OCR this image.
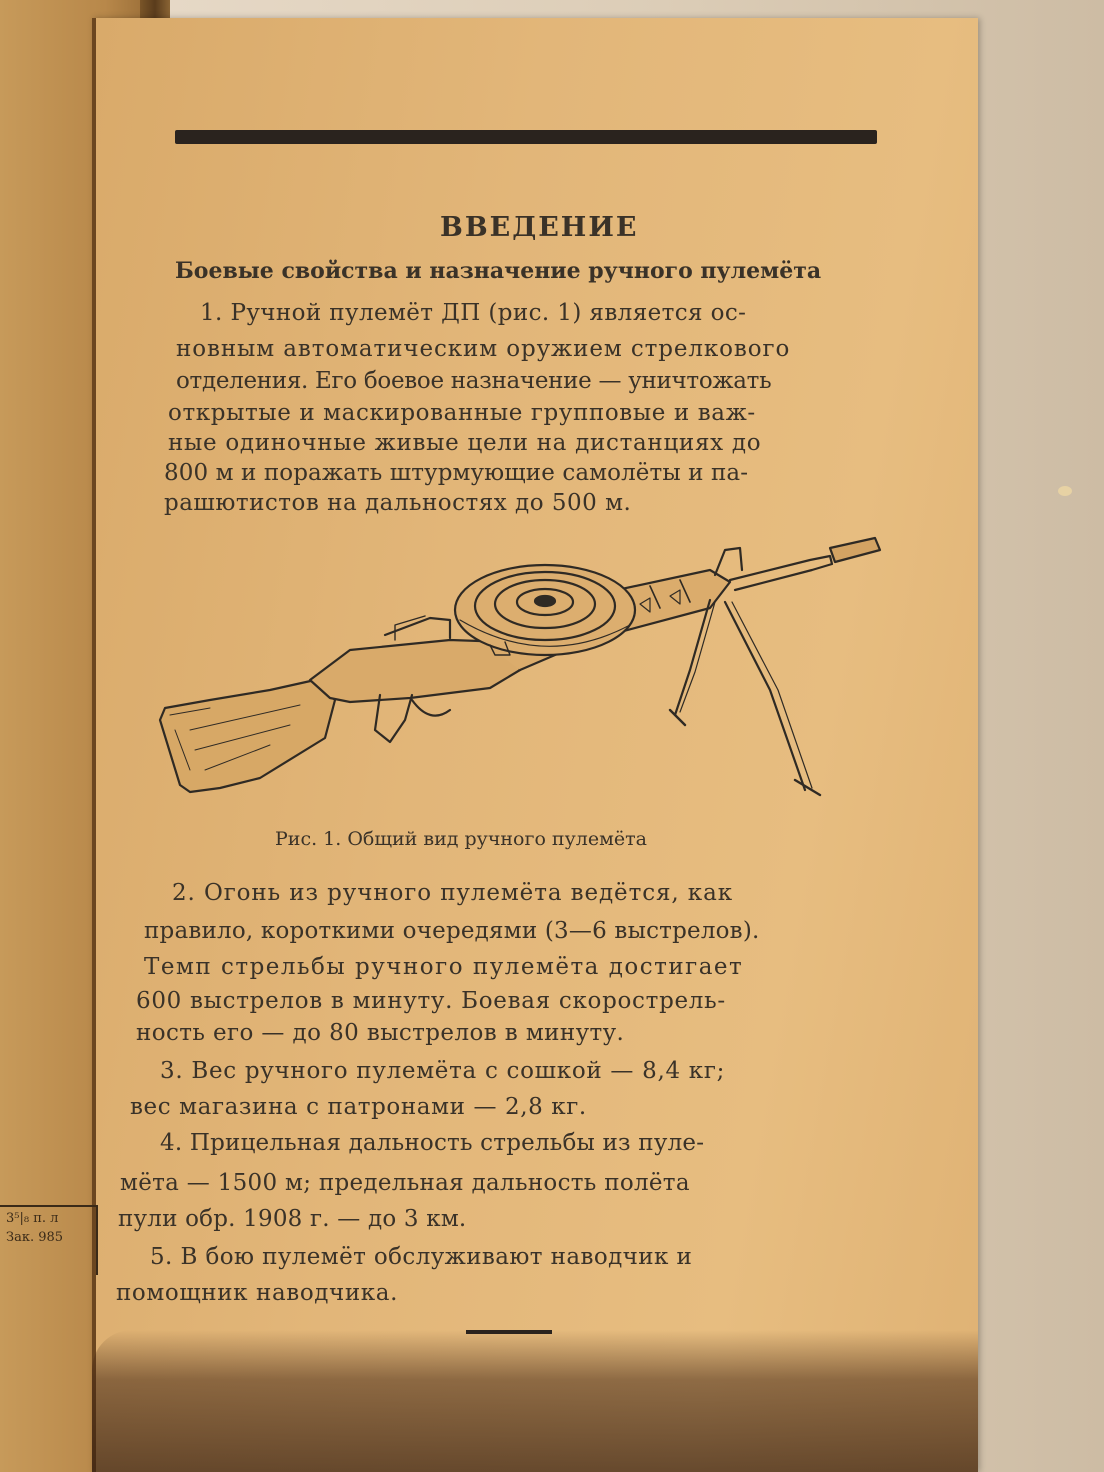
ВВЕДЕНИЕ
Боевые свойства и назначение ручного пулемёта
1. Ручной пулемёт ДП (рис. 1) является ос-
новным автоматическим оружием стрелкового
отделения. Его боевое назначение — уничтожать
открытые и маскированные групповые и важ-
ные одиночные живые цели на дистанциях до
800 м и поражать штурмующие самолёты и па-
рашютистов на дальностях до 500 м.
Рис. 1. Общий вид ручного пулемёта
2. Огонь из ручного пулемёта ведётся, как
правило, короткими очередями (3—6 выстрелов).
Темп стрельбы ручного пулемёта достигает
600 выстрелов в минуту. Боевая скорострель-
ность его — до 80 выстрелов в минуту.
3. Вес ручного пулемёта с сошкой — 8,4 кг;
вес магазина с патронами — 2,8 кг.
4. Прицельная дальность стрельбы из пуле-
мёта — 1500 м; предельная дальность полёта
пули обр. 1908 г. — до 3 км.
5. В бою пулемёт обслуживают наводчик и
помощник наводчика.
3⁵|₈ п. л
Зак. 985
